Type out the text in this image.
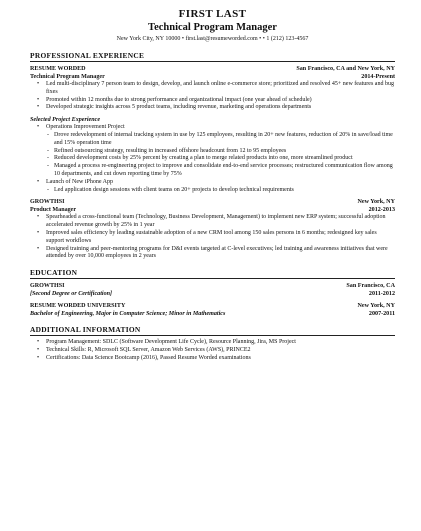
FIRST LAST
Technical Program Manager
New York City, NY 10000 • first.last@resumeworded.com • • 1 (212) 123-4567
PROFESSIONAL EXPERIENCE
RESUME WORDED	San Francisco, CA and New York, NY
Technical Program Manager	2014-Present
• Led multi-disciplinary 7 person team to design, develop, and launch online e-commerce store; prioritized and resolved 45+ new features and bug fixes
• Promoted within 12 months due to strong performance and organizational impact (one year ahead of schedule)
• Developed strategic insights across 5 product teams, including revenue, marketing and operations departments
Selected Project Experience
• Operations Improvement Project
- Drove redevelopment of internal tracking system in use by 125 employees, resulting in 20+ new features, reduction of 20% in save/load time and 15% operation time
- Refined outsourcing strategy, resulting in increased offshore headcount from 12 to 95 employees
- Reduced development costs by 25% percent by creating a plan to merge related products into one, more streamlined product
- Managed a process re-engineering project to improve and consolidate end-to-end service processes; restructured communication flow among 10 departments, and cut down reporting time by 75%
• Launch of New iPhone App
- Led application design sessions with client teams on 20+ projects to develop technical requirements
GROWTHSI	New York, NY
Product Manager	2012-2013
• Spearheaded a cross-functional team (Technology, Business Development, Management) to implement new ERP system; successful adoption accelerated revenue growth by 25% in 1 year
• Improved sales efficiency by leading sustainable adoption of a new CRM tool among 150 sales persons in 6 months; redesigned key sales support workflows
• Designed training and peer-mentoring programs for D&I events targeted at C-level executives; led training and awareness initiatives that were attended by over 10,000 employees in 2 years
EDUCATION
GROWTHSI	San Francisco, CA
[Second Degree or Certification]	2011-2012
RESUME WORDED UNIVERSITY	New York, NY
Bachelor of Engineering, Major in Computer Science; Minor in Mathematics	2007-2011
ADDITIONAL INFORMATION
• Program Management: SDLC (Software Development Life Cycle), Resource Planning, Jira, MS Project
• Technical Skills: R, Microsoft SQL Server, Amazon Web Services (AWS), PRINCE2
• Certifications: Data Science Bootcamp (2016), Passed Resume Worded examinations
